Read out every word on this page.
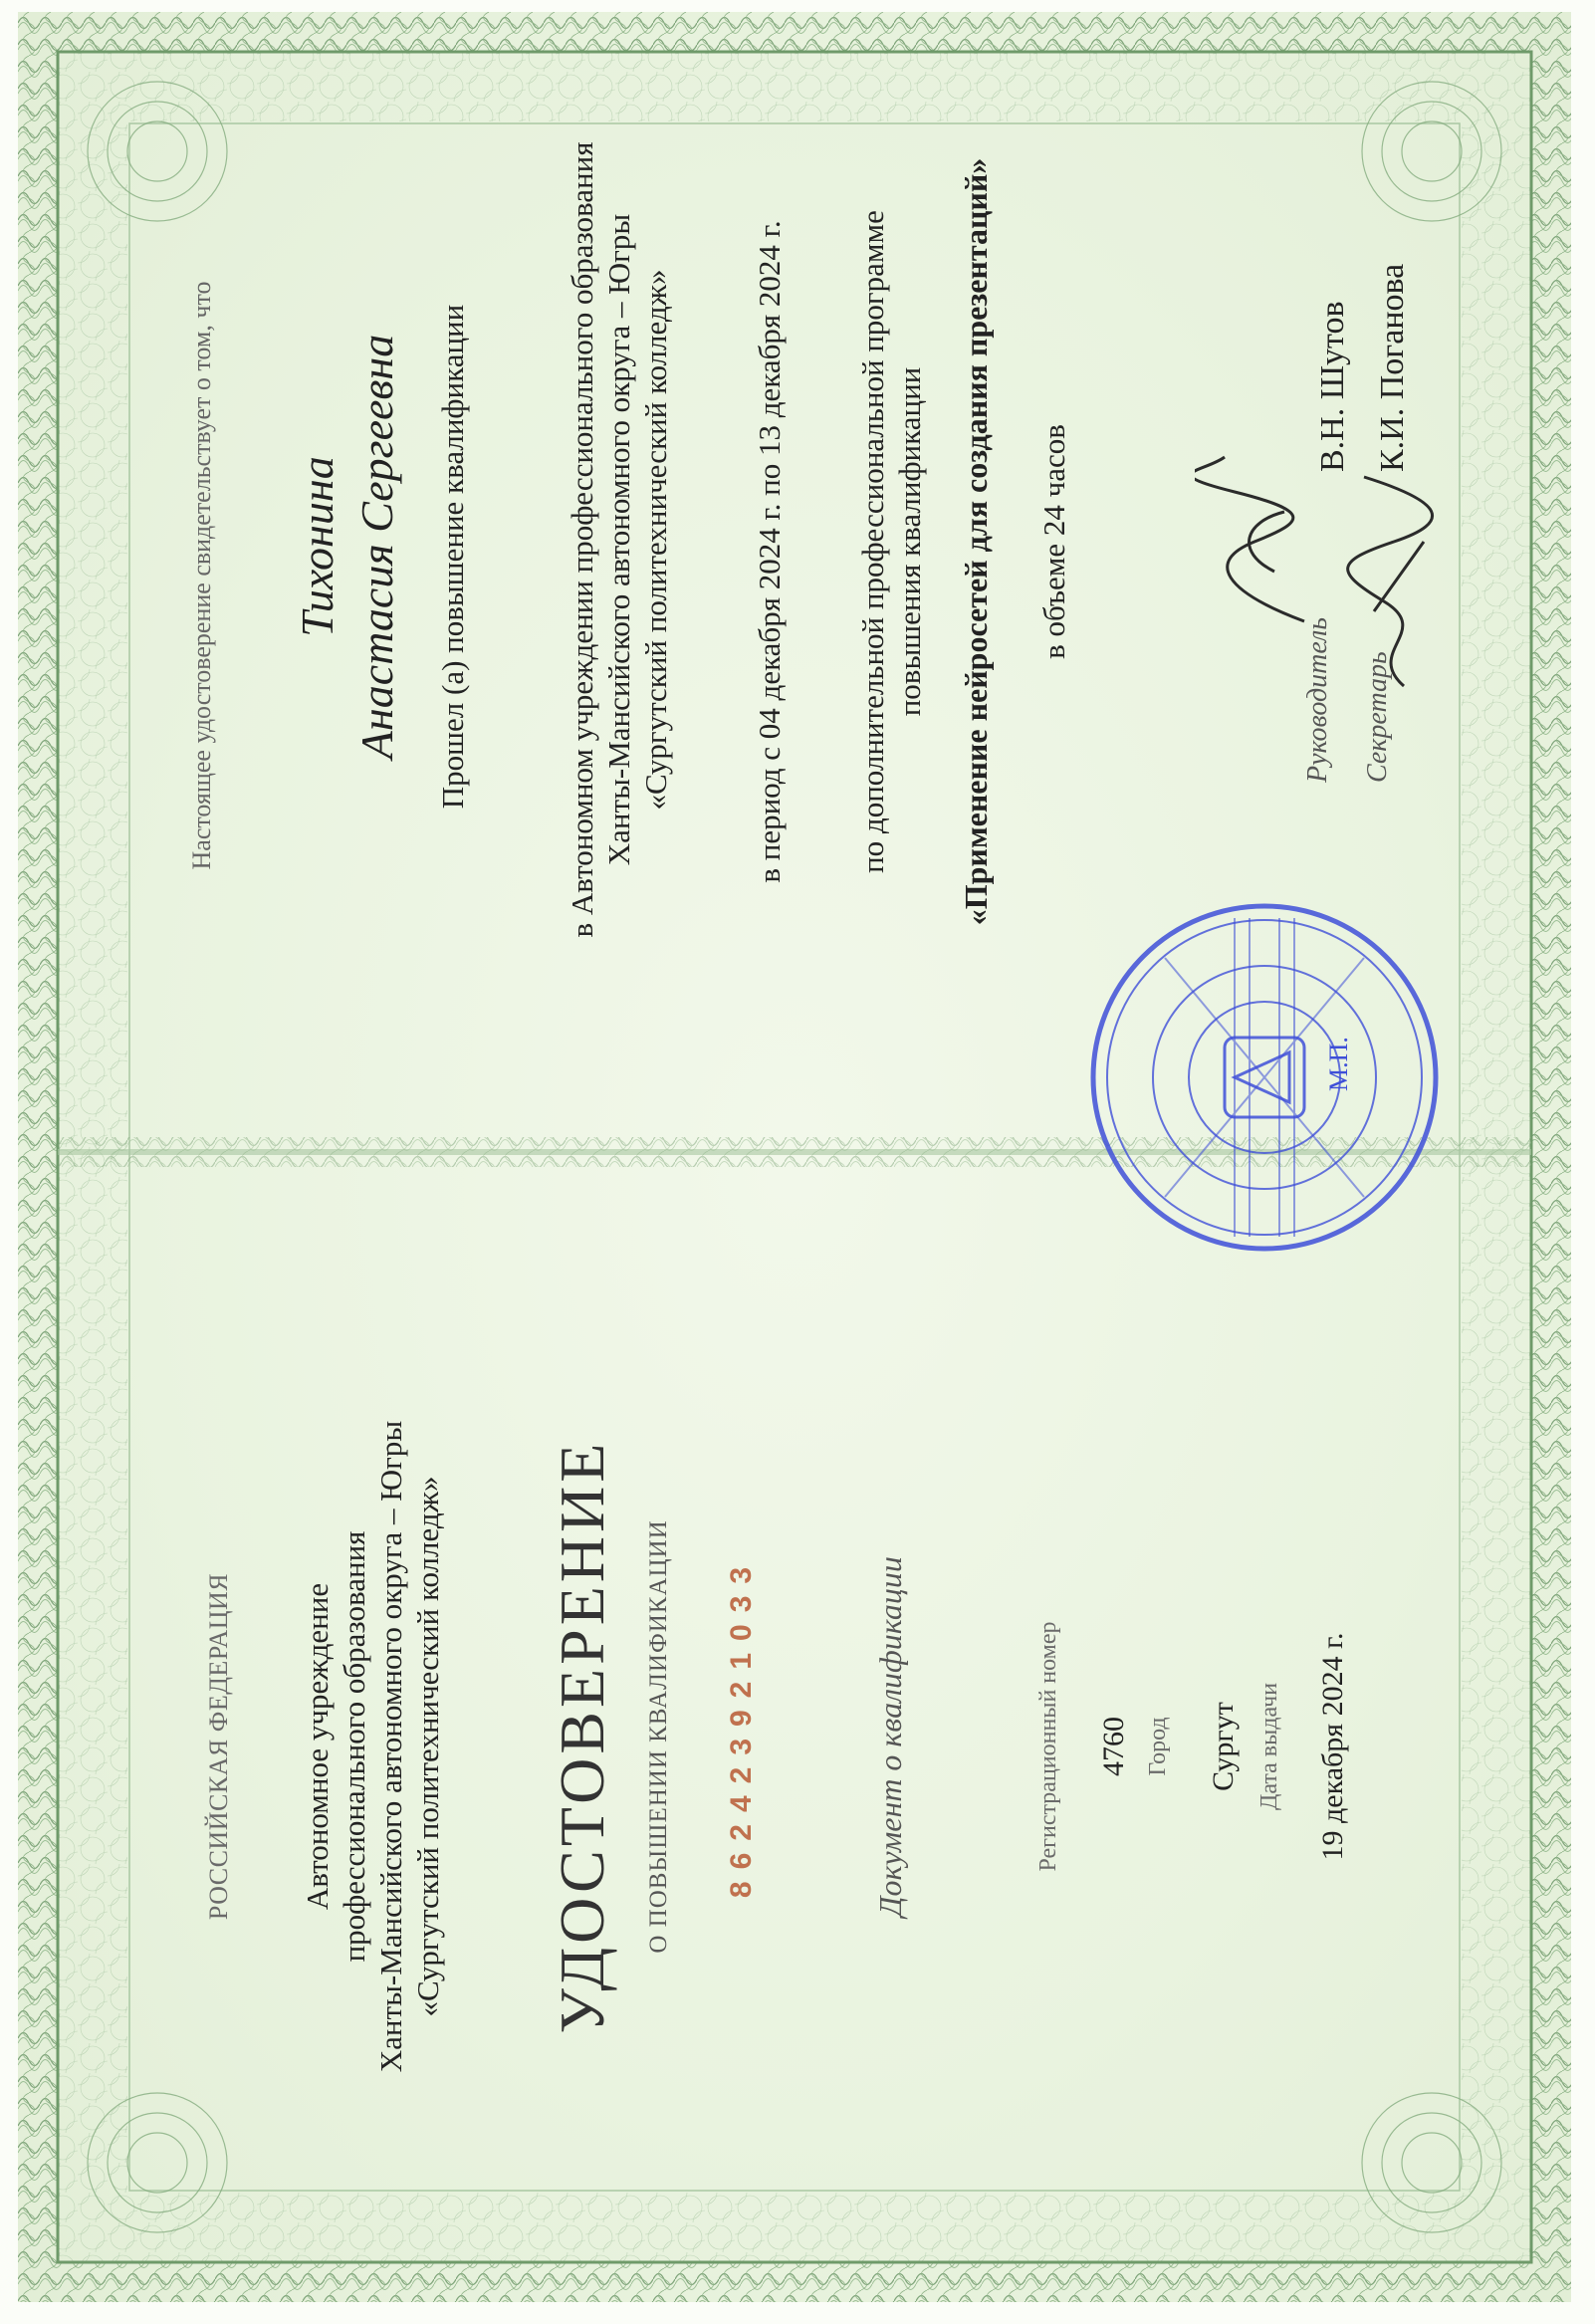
РОССИЙСКАЯ ФЕДЕРАЦИЯ Автономное учреждение профессионального образования Ханты-Мансийского автономного округа – Югры «Сургутский политехнический колледж» УДОСТОВЕРЕНИЕ О ПОВЫШЕНИИ КВАЛИФИКАЦИИ 862423921033	Документ о квалификации	Регистрационный номер 4760 Город Сургут Дата выдачи 19 декабря 2024 г.
Настоящее удостоверение свидетельствует о том, что Тихонина Анастасия Сергеевна Прошел (а) повышение квалификации	в Автономном учреждении профессионального образования Ханты-Мансийского автономного округа – Югры «Сургутский политехнический колледж»	в период с 04 декабря 2024 г. по 13 декабря 2024 г. по дополнительной профессиональной программе повышения квалификации «Применение нейросетей для создания презентаций» в объеме 24 часов
Руководитель
В.Н. Шутов
Секретарь
К.И. Поганова
М.П.
